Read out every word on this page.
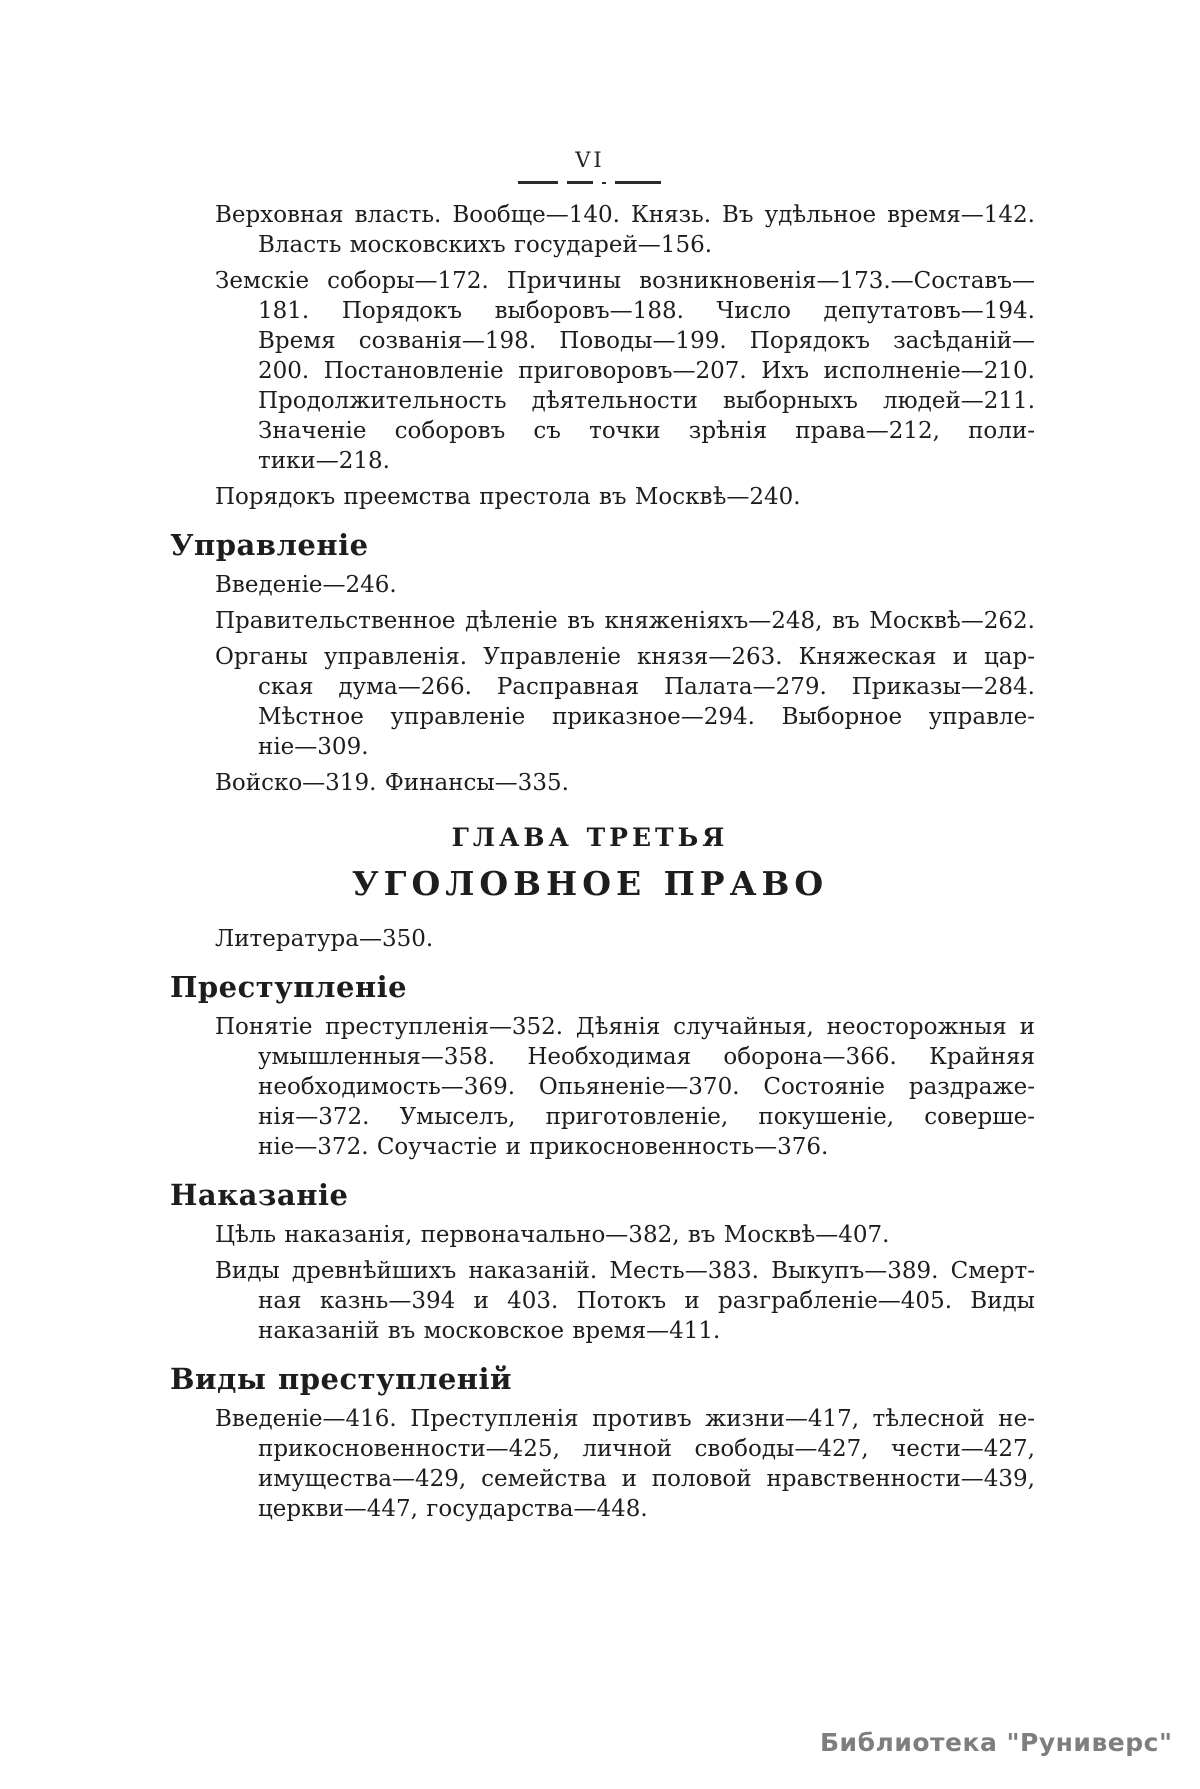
VI
Верховная власть. Вообще—140. Князь. Въ удѣльное время—142.
Власть московскихъ государей—156.
Земскіе соборы—172. Причины возникновенія—173.—Составъ—
181. Порядокъ выборовъ—188. Число депутатовъ—194.
Время созванія—198. Поводы—199. Порядокъ засѣданій—
200. Постановленіе приговоровъ—207. Ихъ исполненіе—210.
Продолжительность дѣятельности выборныхъ людей—211.
Значеніе соборовъ съ точки зрѣнія права—212, поли-
тики—218.
Порядокъ преемства престола въ Москвѣ—240.
Управленіе
Введеніе—246.
Правительственное дѣленіе въ княженіяхъ—248, въ Москвѣ—262.
Органы управленія. Управленіе князя—263. Княжеская и цар-
ская дума—266. Расправная Палата—279. Приказы—284.
Мѣстное управленіе приказное—294. Выборное управле-
ніе—309.
Войско—319. Финансы—335.
ГЛАВА ТРЕТЬЯ
УГОЛОВНОЕ ПРАВО
Литература—350.
Преступленіе
Понятіе преступленія—352. Дѣянія случайныя, неосторожныя и
умышленныя—358. Необходимая оборона—366. Крайняя
необходимость—369. Опьяненіе—370. Состояніе раздраже-
нія—372. Умыселъ, приготовленіе, покушеніе, соверше-
ніе—372. Соучастіе и прикосновенность—376.
Наказаніе
Цѣль наказанія, первоначально—382, въ Москвѣ—407.
Виды древнѣйшихъ наказаній. Месть—383. Выкупъ—389. Смерт-
ная казнь—394 и 403. Потокъ и разграбленіе—405. Виды
наказаній въ московское время—411.
Виды преступленій
Введеніе—416. Преступленія противъ жизни—417, тѣлесной не-
прикосновенности—425, личной свободы—427, чести—427,
имущества—429, семейства и половой нравственности—439,
церкви—447, государства—448.
Библиотека "Руниверс"
